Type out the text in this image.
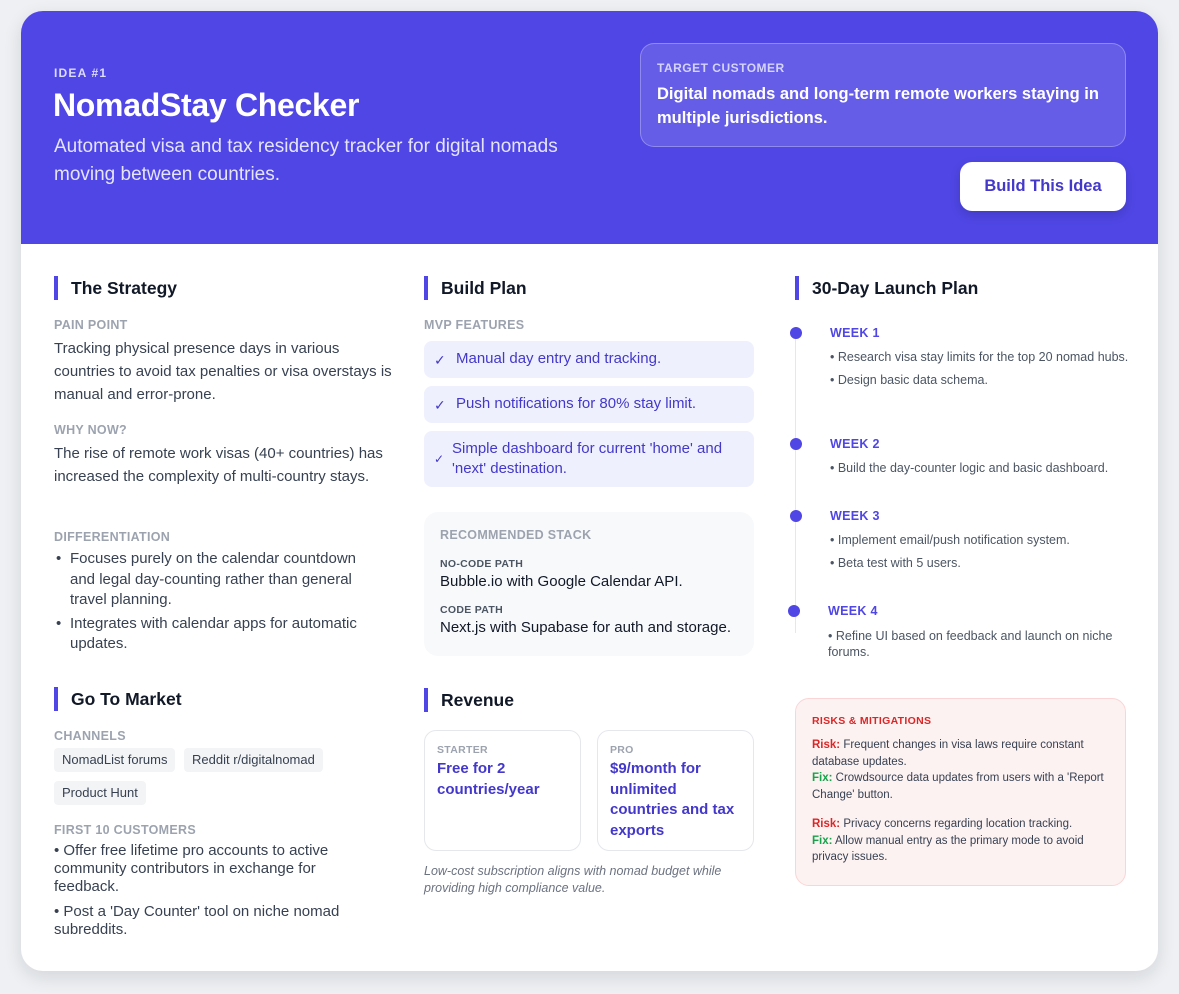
IDEA #1
NomadStay Checker
Automated visa and tax residency tracker for digital nomads moving between countries.
TARGET CUSTOMER
Digital nomads and long-term remote workers staying in multiple jurisdictions.
Build This Idea
The Strategy
PAIN POINT
Tracking physical presence days in various countries to avoid tax penalties or visa overstays is manual and error-prone.
WHY NOW?
The rise of remote work visas (40+ countries) has increased the complexity of multi-country stays.
DIFFERENTIATION
• Focuses purely on the calendar countdown and legal day-counting rather than general travel planning.
• Integrates with calendar apps for automatic updates.
Go To Market
CHANNELS
NomadList forums	Reddit r/digitalnomad
Product Hunt
FIRST 10 CUSTOMERS
• Offer free lifetime pro accounts to active community contributors in exchange for feedback.
• Post a 'Day Counter' tool on niche nomad subreddits.
Build Plan
MVP FEATURES
✓ Manual day entry and tracking.
✓ Push notifications for 80% stay limit.
✓
Simple dashboard for current 'home' and 'next' destination.
RECOMMENDED STACK
NO-CODE PATH
Bubble.io with Google Calendar API.
CODE PATH
Next.js with Supabase for auth and storage.
Revenue
STARTER
Free for 2 countries/year
PRO
$9/month for unlimited countries and tax exports
Low-cost subscription aligns with nomad budget while providing high compliance value.
30-Day Launch Plan
WEEK 1
• Research visa stay limits for the top 20 nomad hubs.
• Design basic data schema.
WEEK 2
• Build the day-counter logic and basic dashboard.
WEEK 3
• Implement email/push notification system.
• Beta test with 5 users.
WEEK 4
• Refine UI based on feedback and launch on niche forums.
RISKS & MITIGATIONS
Risk: Frequent changes in visa laws require constant database updates.
Fix: Crowdsource data updates from users with a 'Report Change' button.
Risk: Privacy concerns regarding location tracking.
Fix: Allow manual entry as the primary mode to avoid privacy issues.
